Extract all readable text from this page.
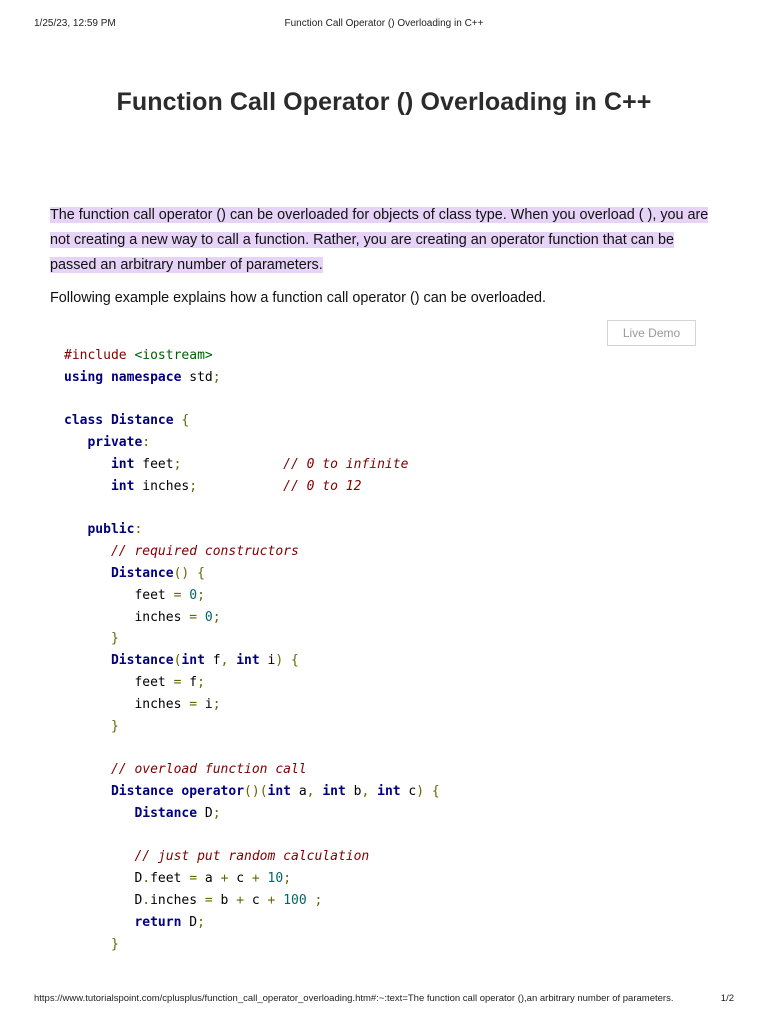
1/25/23, 12:59 PM	Function Call Operator () Overloading in C++
Function Call Operator () Overloading in C++

The function call operator () can be overloaded for objects of class type. When you overload ( ), you are not creating a new way to call a function. Rather, you are creating an operator function that can be passed an arbitrary number of parameters.

Following example explains how a function call operator () can be overloaded.

Live Demo
#include <iostream>
using namespace std;

class Distance {
private:
int feet;	// 0 to infinite
int inches;	// 0 to 12

public:
// required constructors
Distance() {
feet = 0;
inches = 0;
}
Distance(int f, int i) {
feet = f;
inches = i;
}

// overload function call
Distance operator()(int a, int b, int c) {
Distance D;

// just put random calculation
D.feet = a + c + 10;
D.inches = b + c + 100 ;
return D;
}
https://www.tutorialspoint.com/cplusplus/function_call_operator_overloading.htm#:~:text=The function call operator (),an arbitrary number of parameters.	1/2
